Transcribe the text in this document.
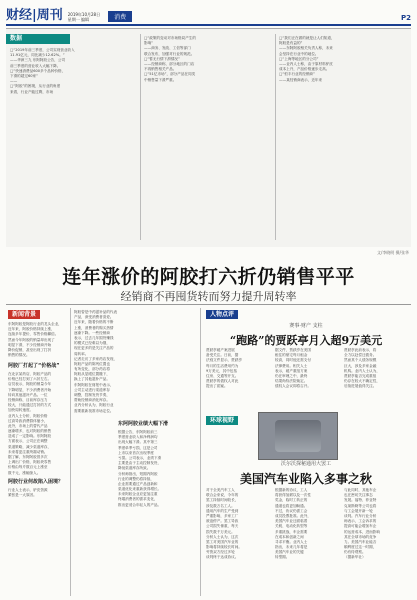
财经|周刊 2019年10月28日
星期一 编辑	消费	P2
数据
□“2019年前三季度，公司实现营业收入
11.91亿元，同比减少12.62%。”
——华润三九 东阿阿胶公告，公司
前三季度的营业收入大幅下降。
□“快速消费品600多个品种价格，
下滑的超过60家”
——
□“阿胶”的困境，从行业的角度
来看，行业产能过剩，市场
□“政策的变动对市场格局产生的
影响”
——商务、发改、工信等部门
联合发布，加强对行业的规范。
□“暂无行情下滑情况”
——经销商称，部分地区的门店
不再销售相关产品。
□“51亿市场”，部分产品在同类
中销售量下滑严重。
□“我们正在做的就是让人们知道，
阿胶是有益的”
——东阿阿胶相关负责人称，未来
会坚持在行业中的地位。
□“上海等地区的分公司”
——业内人士称，由于原材料驴皮
成本上升，产品价格逐步走高。
□“恒丰行业的经销商”
——某经销商表示，近年来
文/李晓明 摄/张华
连年涨价的阿胶打六折仍销售平平
经销商不再囤货转而努力提升周转率
新闻背景
东阿阿胶是阿胶行业的龙头企业，
近年来，阿胶价格持续上涨，
连续多年提价，零售价格翻倍。
然而今年阿胶的销量却出现了
明显下滑，不少经销商开始
降价促销，甚至出现了打折
销售的情况。
阿胶厂打起了“价格战”
在北京某药店，阿胶产品的
价格已经打到了六折左右。
店员表示，阿胶的销量今年
下降明显，不少消费者开始
转向其他滋补产品。一位
经销商称，目前库存压力
较大，只能通过打折的方式
加快周转速度。
业内人士分析，阿胶价格
过高导致消费群体缩小，
此外，市场上的替代产品
逐渐增多，也对阿胶的销售
造成了一定影响。东阿阿胶
方面表示，公司正在调整
渠道策略，减少渠道库存，
未来将更注重终端动销。
据了解，东阿阿胶曾多次
上调出厂价格，阿胶块零售
价格由每斤数百元上涨至
数千元，涨幅惊人。
阿胶行业何故陷入困境？
行业人士表示，驴皮资源
紧张是一大原因。
阿胶曾是中药滋补品的代表
产品，深受消费者喜爱。
近年来，随着价格的不断
上涨，消费者的购买热情
逐渐下降。一些经销商
表示，过去几年囤货赚钱
的模式已经难以为继，
现在更多的是关注产品的
周转率。
记者走访了多家药店发现，
阿胶产品的陈列位置也
有所变化，部分药店将
阿胶从显眼位置撤下，
换上了其他滋补产品。
东阿阿胶在财报中表示，
公司主动进行渠道库存
调整，控制发货节奏，
帮助经销商消化库存。
业内分析认为，阿胶行业
需要重新找准市场定位。
东阿阿胶业绩大幅下滑
根据公告，东阿阿胶前三
季度营业收入和净利润均
出现大幅下滑。其中第三
季度单季亏损，这是公司
上市以来首次出现季度
亏损。公司表示，业绩下滑
主要是由于主动控制发货，
降低渠道库存所致。
分析师指出，短期内阿胶
行业的调整仍将持续，
企业需要通过产品创新和
渠道优化来重新获得增长。
未来阿胶企业应更加注重
终端消费者的需求变化，
推出更适合年轻人的产品。
人物点评
赛事·财产 支柱
“跑路”的贾跃亭月入超9万美元
贾跃亭破产案进展
备受关注。日前，据
法庭文件显示，贾跃亭
每月的生活费用约为
9万美元，其中包括
住房、交通等开支。
贾跃亭的债权人对此
提出了质疑。
据文件，贾跃亭在美国
租住的豪宅每月租金
较高，同时他还需支付
法律费用。相关人士
表示，破产重组方案
仍在审理之中，最终
结果尚待法院裁定。
债权人会议即将召开。
贾跃亭此前表示，将
全力以赴偿还债务。
然而其个人债务规模
巨大，涉及多家金融
机构。业内人士认为，
贾跃亭能否完成重组
仍存在较大不确定性，
后续进展值得关注。
环球视野
沃尔沃探秘通用大罢工
美国汽车业陷入多事之秋
对于全美汽车工人
联合会来说，今年的
罢工持续时间较长，
涉及数万名工人。
通用汽车的生产受到
严重影响，多家工厂
被迫停产。罢工导致
公司损失惨重，每天
损失数千万美元。
分析人士认为，这次
罢工对美国汽车业的
影响将持续较长时间。
劳资双方经过多轮
谈判终于达成协议。
根据新的协议，工人
将获得加薪以及一次性
奖金，临时工转正的
通道也将更加畅通。
不过，协议仍需工会
成员投票批准。此外，
美国汽车业还面临着
关税、电动化转型等
多重挑战，车企需要
在成本和创新之间
寻求平衡。业内人士
指出，未来几年将是
美国汽车业的关键
转型期。
与此同时，其他车企
也在密切关注事态
发展。福特、菲亚特
克莱斯勒等公司也将
与工会展开新一轮
谈判。汽车行业分析
师表示，工会诉求的
提高可能会增加车企
的运营成本，进而影响
其在全球市场的竞争
力。美国汽车业能否
顺利度过这一时期，
仍有待观察。
（据新华社）
